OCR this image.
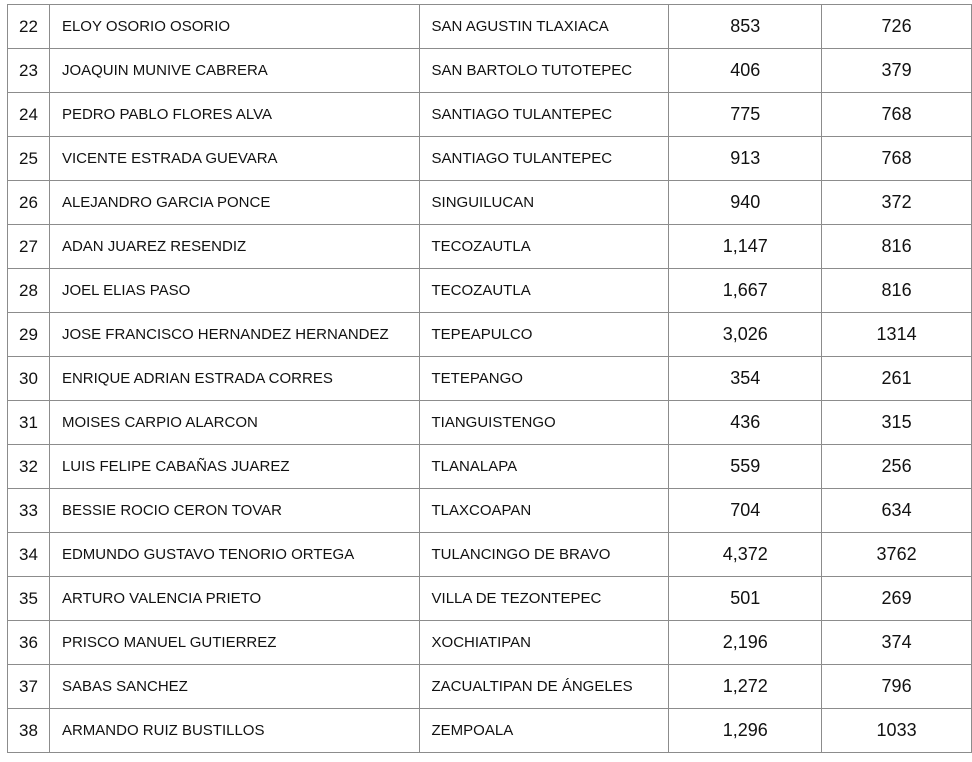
22	ELOY OSORIO OSORIO	SAN AGUSTIN TLAXIACA	853	726
23	JOAQUIN MUNIVE CABRERA	SAN BARTOLO TUTOTEPEC	406	379
24	PEDRO PABLO FLORES ALVA	SANTIAGO TULANTEPEC	775	768
25	VICENTE ESTRADA GUEVARA	SANTIAGO TULANTEPEC	913	768
26	ALEJANDRO GARCIA PONCE	SINGUILUCAN	940	372
27	ADAN JUAREZ RESENDIZ	TECOZAUTLA	1,147	816
28	JOEL ELIAS PASO	TECOZAUTLA	1,667	816
29	JOSE FRANCISCO HERNANDEZ HERNANDEZ	TEPEAPULCO	3,026	1314
30	ENRIQUE ADRIAN ESTRADA CORRES	TETEPANGO	354	261
31	MOISES CARPIO ALARCON	TIANGUISTENGO	436	315
32	LUIS FELIPE CABAÑAS JUAREZ	TLANALAPA	559	256
33	BESSIE ROCIO CERON TOVAR	TLAXCOAPAN	704	634
34	EDMUNDO GUSTAVO TENORIO ORTEGA	TULANCINGO DE BRAVO	4,372	3762
35	ARTURO VALENCIA PRIETO	VILLA DE TEZONTEPEC	501	269
36	PRISCO MANUEL GUTIERREZ	XOCHIATIPAN	2,196	374
37	SABAS SANCHEZ	ZACUALTIPAN DE ÁNGELES	1,272	796
38	ARMANDO RUIZ BUSTILLOS	ZEMPOALA	1,296	1033
